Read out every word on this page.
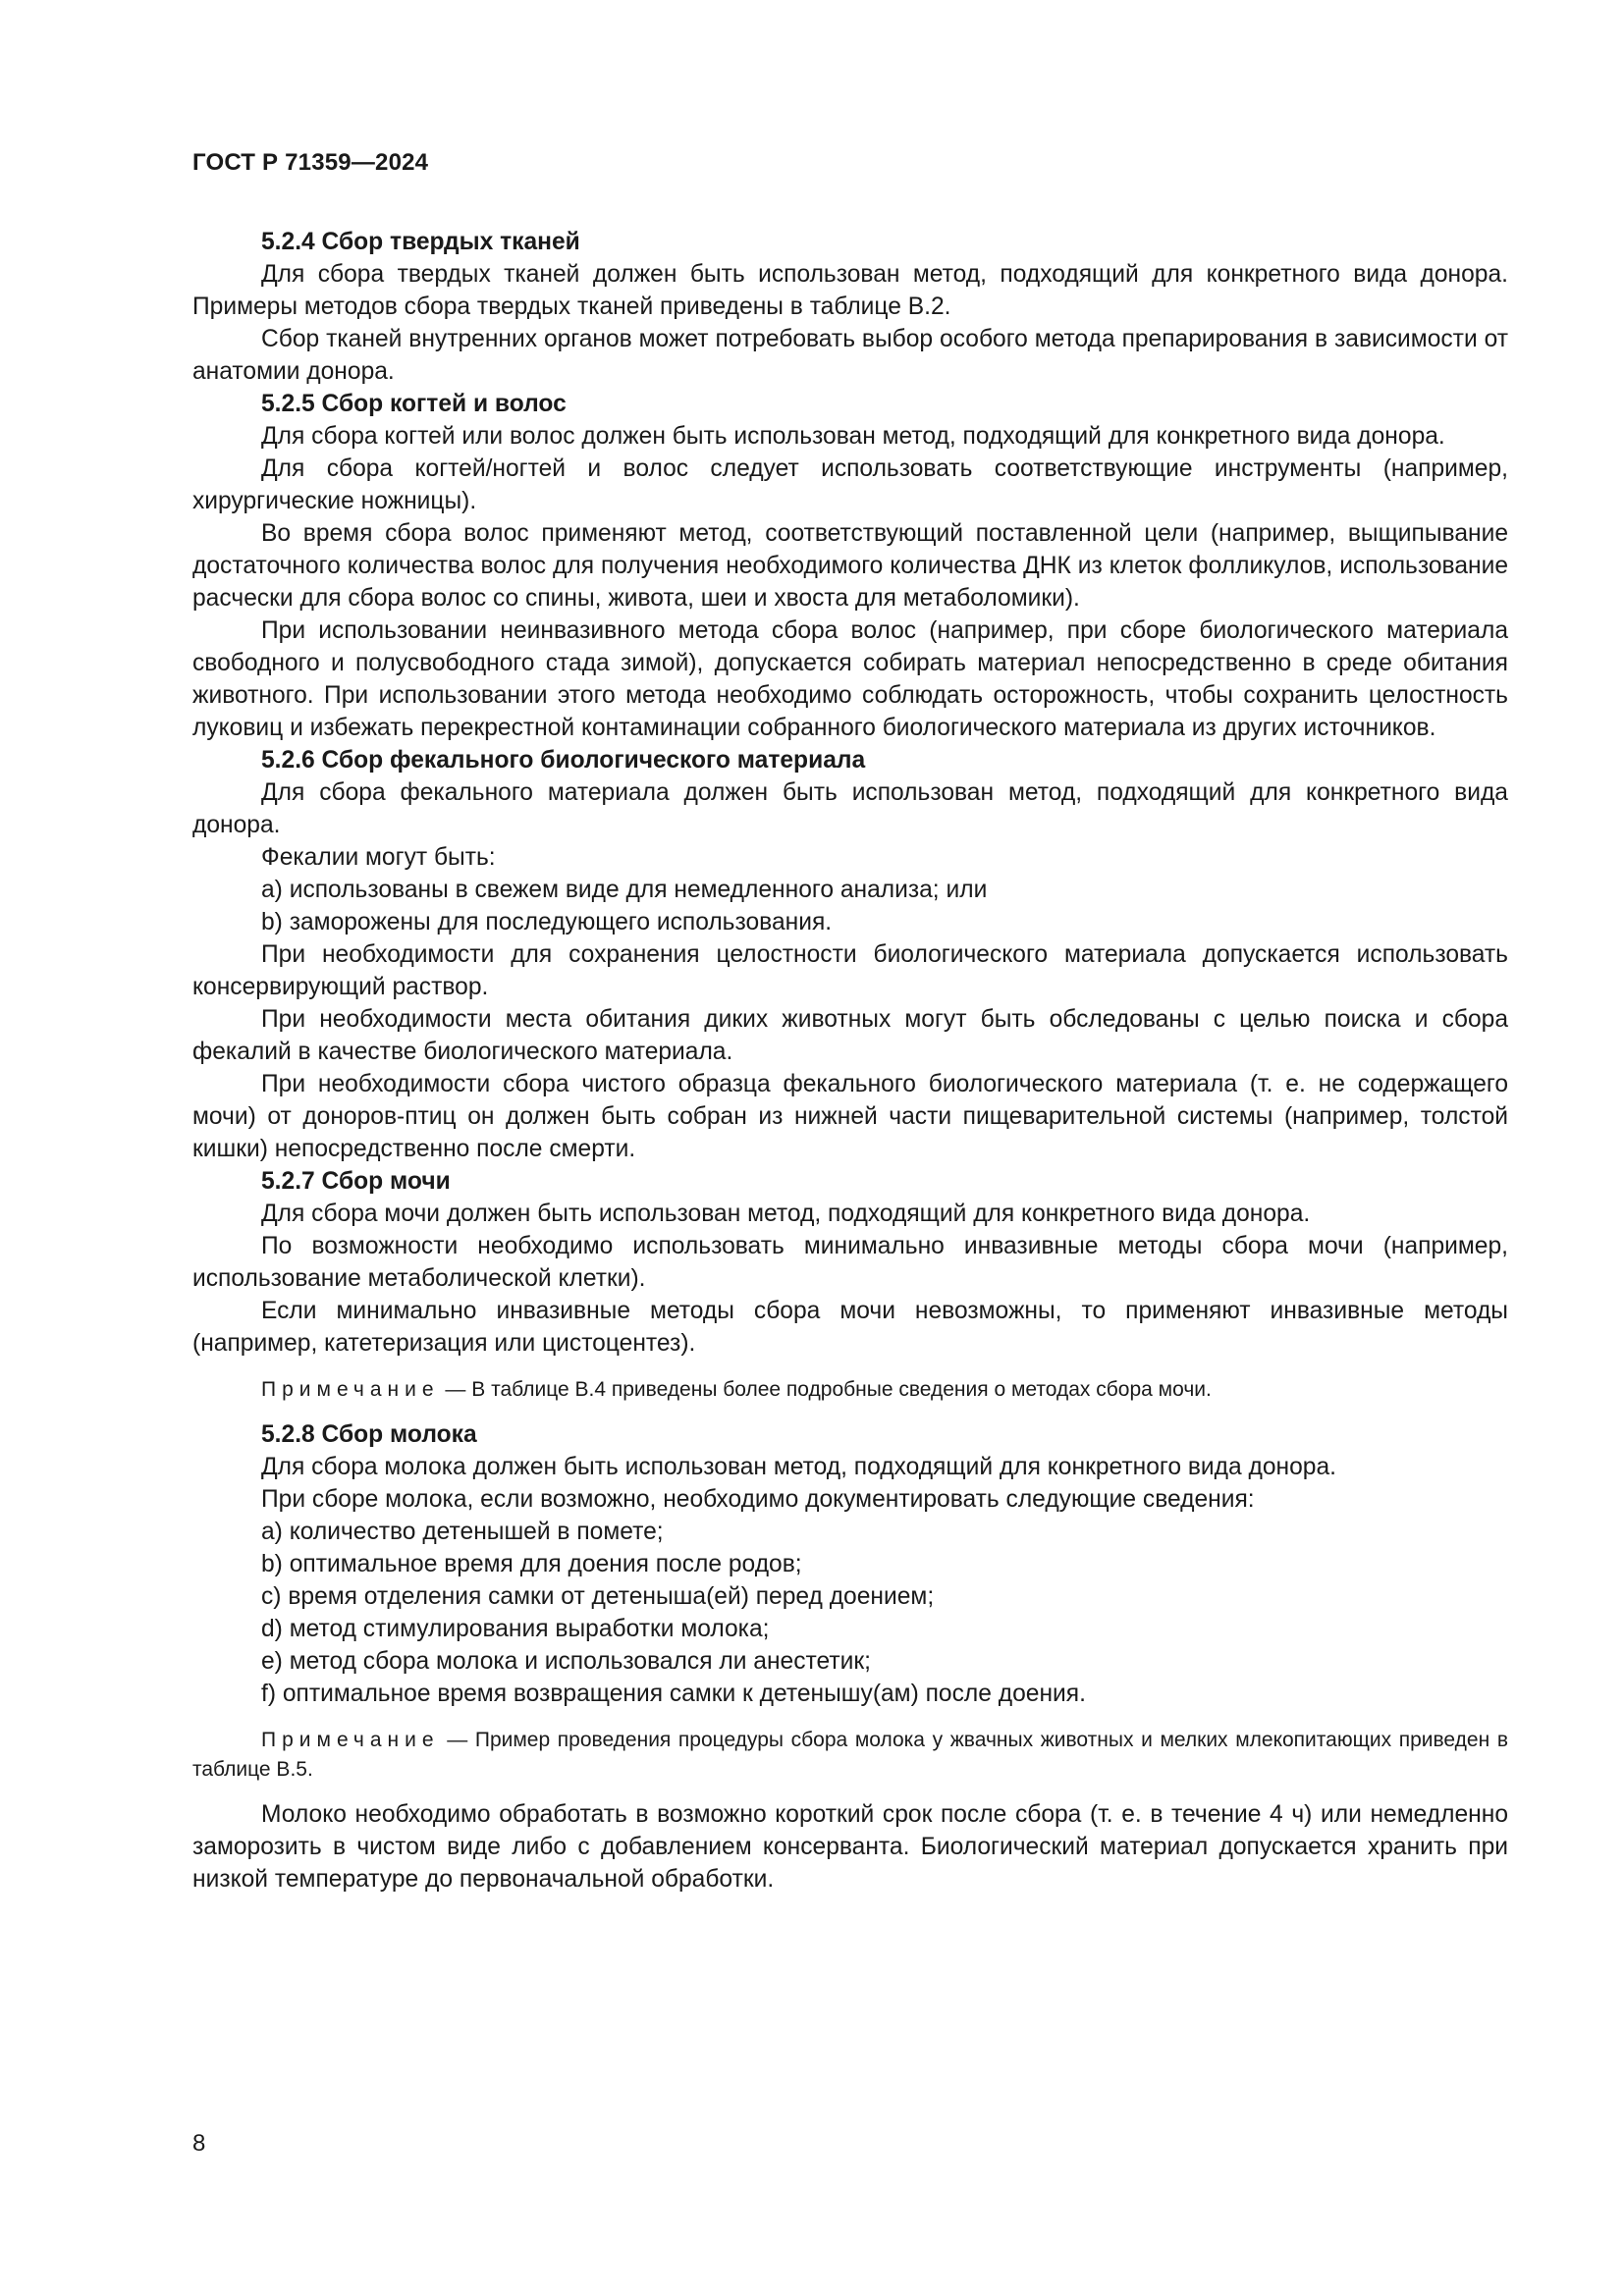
ГОСТ Р 71359—2024
5.2.4 Сбор твердых тканей

Для сбора твердых тканей должен быть использован метод, подходящий для конкретного вида донора. Примеры методов сбора твердых тканей приведены в таблице В.2.

Сбор тканей внутренних органов может потребовать выбор особого метода препарирования в зависимости от анатомии донора.

5.2.5 Сбор когтей и волос

Для сбора когтей или волос должен быть использован метод, подходящий для конкретного вида донора.

Для сбора когтей/ногтей и волос следует использовать соответствующие инструменты (например, хирургические ножницы).

Во время сбора волос применяют метод, соответствующий поставленной цели (например, выщипывание достаточного количества волос для получения необходимого количества ДНК из клеток фолликулов, использование расчески для сбора волос со спины, живота, шеи и хвоста для метаболомики).

При использовании неинвазивного метода сбора волос (например, при сборе биологического материала свободного и полусвободного стада зимой), допускается собирать материал непосредственно в среде обитания животного. При использовании этого метода необходимо соблюдать осторожность, чтобы сохранить целостность луковиц и избежать перекрестной контаминации собранного биологического материала из других источников.

5.2.6 Сбор фекального биологического материала

Для сбора фекального материала должен быть использован метод, подходящий для конкретного вида донора.

Фекалии могут быть:

a) использованы в свежем виде для немедленного анализа; или

b) заморожены для последующего использования.

При необходимости для сохранения целостности биологического материала допускается использовать консервирующий раствор.

При необходимости места обитания диких животных могут быть обследованы с целью поиска и сбора фекалий в качестве биологического материала.

При необходимости сбора чистого образца фекального биологического материала (т. е. не содержащего мочи) от доноров-птиц он должен быть собран из нижней части пищеварительной системы (например, толстой кишки) непосредственно после смерти.

5.2.7 Сбор мочи

Для сбора мочи должен быть использован метод, подходящий для конкретного вида донора.

По возможности необходимо использовать минимально инвазивные методы сбора мочи (например, использование метаболической клетки).

Если минимально инвазивные методы сбора мочи невозможны, то применяют инвазивные методы (например, катетеризация или цистоцентез).

Примечание — В таблице В.4 приведены более подробные сведения о методах сбора мочи.

5.2.8 Сбор молока

Для сбора молока должен быть использован метод, подходящий для конкретного вида донора.

При сборе молока, если возможно, необходимо документировать следующие сведения:

a) количество детенышей в помете;

b) оптимальное время для доения после родов;

c) время отделения самки от детеныша(ей) перед доением;

d) метод стимулирования выработки молока;

e) метод сбора молока и использовался ли анестетик;

f) оптимальное время возвращения самки к детенышу(ам) после доения.

Примечание — Пример проведения процедуры сбора молока у жвачных животных и мелких млекопитающих приведен в таблице В.5.

Молоко необходимо обработать в возможно короткий срок после сбора (т. е. в течение 4 ч) или немедленно заморозить в чистом виде либо с добавлением консерванта. Биологический материал допускается хранить при низкой температуре до первоначальной обработки.

8
